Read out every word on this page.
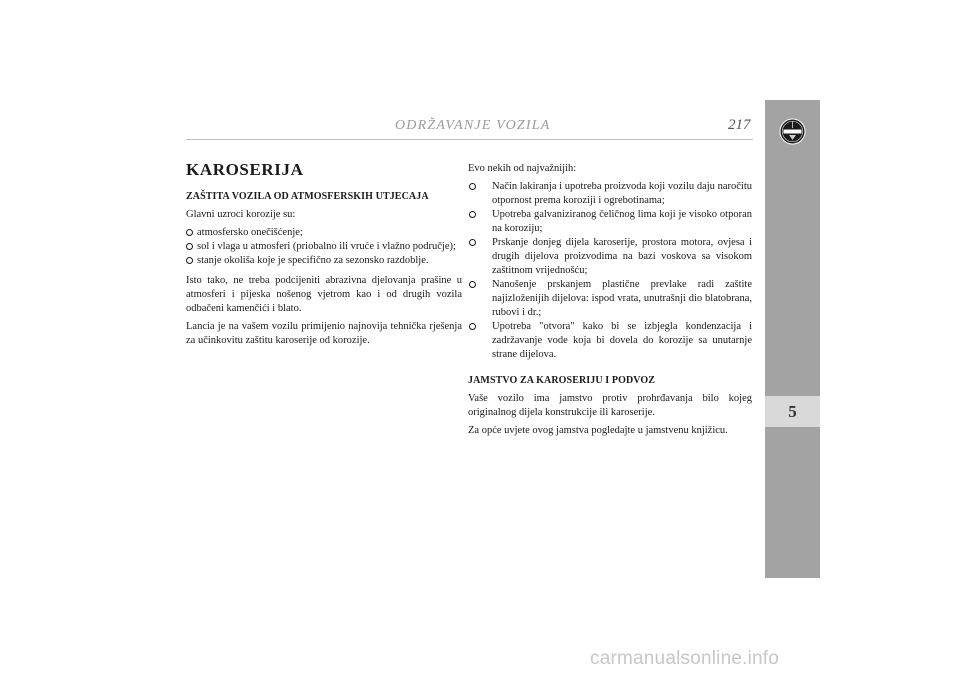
ODRŽAVANJE VOZILA	217
5
KAROSERIJA
ZAŠTITA VOZILA OD ATMOSFERSKIH UTJECAJA

Glavni uzroci korozije su:

atmosfersko onečišćenje;
sol i vlaga u atmosferi (priobalno ili vruće i vlažno područje);
stanje okoliša koje je specifično za sezonsko razdoblje.

Isto tako, ne treba podcijeniti abrazivna djelovanja prašine u atmosferi i pijeska nošenog vjetrom kao i od drugih vozila odbačeni kamenčići i blato.

Lancia je na vašem vozilu primijenio najnovija tehnička rješenja za učinkovitu zaštitu karoserije od korozije.

Evo nekih od najvažnijih:

Način lakiranja i upotreba proizvoda koji vozilu daju naročitu otpornost prema koroziji i ogrebotinama;
Upotreba galvaniziranog čeličnog lima koji je visoko otporan na koroziju;
Prskanje donjeg dijela karoserije, prostora motora, ovjesa i drugih dijelova proizvodima na bazi voskova sa visokom zaštitnom vrijednošću;
Nanošenje prskanjem plastične prevlake radi zaštite najizloženijih dijelova: ispod vrata, unutrašnji dio blatobrana, rubovi i dr.;
Upotreba "otvora" kako bi se izbjegla kondenzacija i zadržavanje vode koja bi dovela do korozije sa unutarnje strane dijelova.
JAMSTVO ZA KAROSERIJU I PODVOZ

Vaše vozilo ima jamstvo protiv prohrđavanja bilo kojeg originalnog dijela konstrukcije ili karoserije.

Za opće uvjete ovog jamstva pogledajte u jamstvenu knjižicu.

carmanualsonline.info
